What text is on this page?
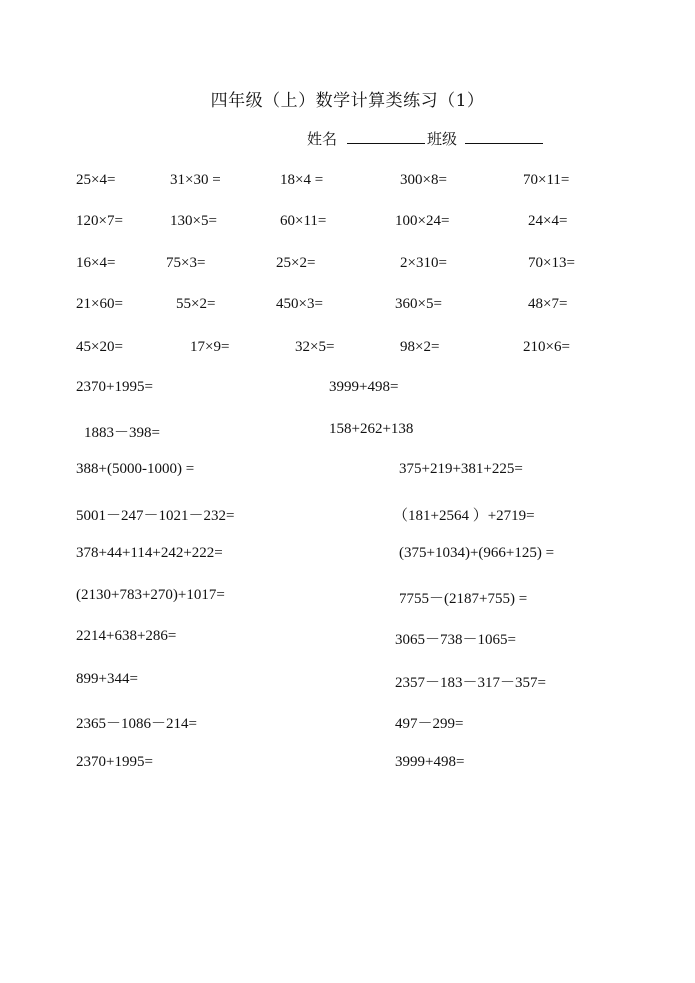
四年级（上）数学计算类练习（1）
姓名	班级
25×4=	31×30 =	18×4 =	300×8=	70×11=
120×7=	130×5=	60×11=	100×24=	24×4=
16×4=	75×3=	25×2=	2×310=	70×13=
21×60=	55×2=	450×3=	360×5=	48×7=
45×20=	17×9=	32×5=	98×2=	210×6=
2370+1995=	3999+498=
1883－398=	158+262+138
388+(5000-1000) =	375+219+381+225=
5001－247－1021－232=	（181+2564 ）+2719=
378+44+114+242+222=	(375+1034)+(966+125) =
(2130+783+270)+1017=	7755－(2187+755) =
2214+638+286=	3065－738－1065=
899+344=	2357－183－317－357=
2365－1086－214=	497－299=
2370+1995=	3999+498=
